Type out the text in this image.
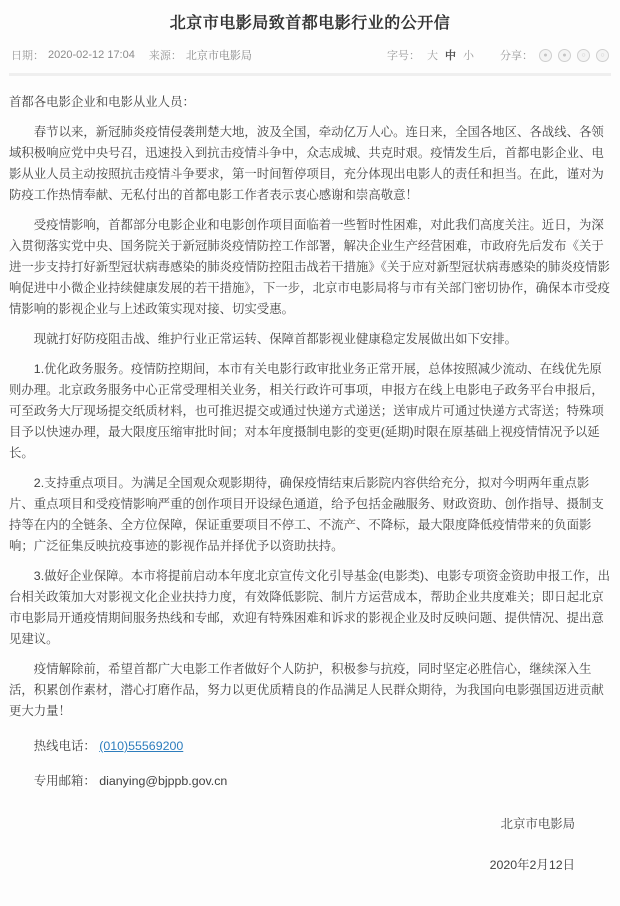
北京市电影局致首都电影行业的公开信
日期： 2020-02-12 17:04 来源： 北京市电影局	字号： 大 中 小 分享：	●	●	○	○

首都各电影企业和电影从业人员：

春节以来，新冠肺炎疫情侵袭荆楚大地，波及全国，牵动亿万人心。连日来，全国各地区、各战线、各领域积极响应党中央号召，迅速投入到抗击疫情斗争中，众志成城、共克时艰。疫情发生后，首都电影企业、电影从业人员主动按照抗击疫情斗争要求，第一时间暂停项目，充分体现出电影人的责任和担当。在此，谨对为防疫工作热情奉献、无私付出的首都电影工作者表示衷心感谢和崇高敬意！

受疫情影响，首都部分电影企业和电影创作项目面临着一些暂时性困难，对此我们高度关注。近日，为深入贯彻落实党中央、国务院关于新冠肺炎疫情防控工作部署，解决企业生产经营困难，市政府先后发布《关于进一步支持打好新型冠状病毒感染的肺炎疫情防控阻击战若干措施》《关于应对新型冠状病毒感染的肺炎疫情影响促进中小微企业持续健康发展的若干措施》，下一步，北京市电影局将与市有关部门密切协作，确保本市受疫情影响的影视企业与上述政策实现对接、切实受惠。

现就打好防疫阻击战、维护行业正常运转、保障首都影视业健康稳定发展做出如下安排。

1.优化政务服务。疫情防控期间，本市有关电影行政审批业务正常开展，总体按照减少流动、在线优先原则办理。北京政务服务中心正常受理相关业务，相关行政许可事项，申报方在线上电影电子政务平台申报后，可至政务大厅现场提交纸质材料，也可推迟提交或通过快递方式递送；送审成片可通过快递方式寄送；特殊项目予以快速办理，最大限度压缩审批时间；对本年度摄制电影的变更(延期)时限在原基础上视疫情情况予以延长。

2.支持重点项目。为满足全国观众观影期待，确保疫情结束后影院内容供给充分，拟对今明两年重点影片、重点项目和受疫情影响严重的创作项目开设绿色通道，给予包括金融服务、财政资助、创作指导、摄制支持等在内的全链条、全方位保障，保证重要项目不停工、不流产、不降标，最大限度降低疫情带来的负面影响；广泛征集反映抗疫事迹的影视作品并择优予以资助扶持。

3.做好企业保障。本市将提前启动本年度北京宣传文化引导基金(电影类)、电影专项资金资助申报工作，出台相关政策加大对影视文化企业扶持力度，有效降低影院、制片方运营成本，帮助企业共度难关；即日起北京市电影局开通疫情期间服务热线和专邮，欢迎有特殊困难和诉求的影视企业及时反映问题、提供情况、提出意见建议。

疫情解除前，希望首都广大电影工作者做好个人防护，积极参与抗疫，同时坚定必胜信心，继续深入生活，积累创作素材，潜心打磨作品，努力以更优质精良的作品满足人民群众期待，为我国向电影强国迈进贡献更大力量！

热线电话： (010)55569200
专用邮箱： dianying@bjppb.gov.cn
北京市电影局
2020年2月12日
